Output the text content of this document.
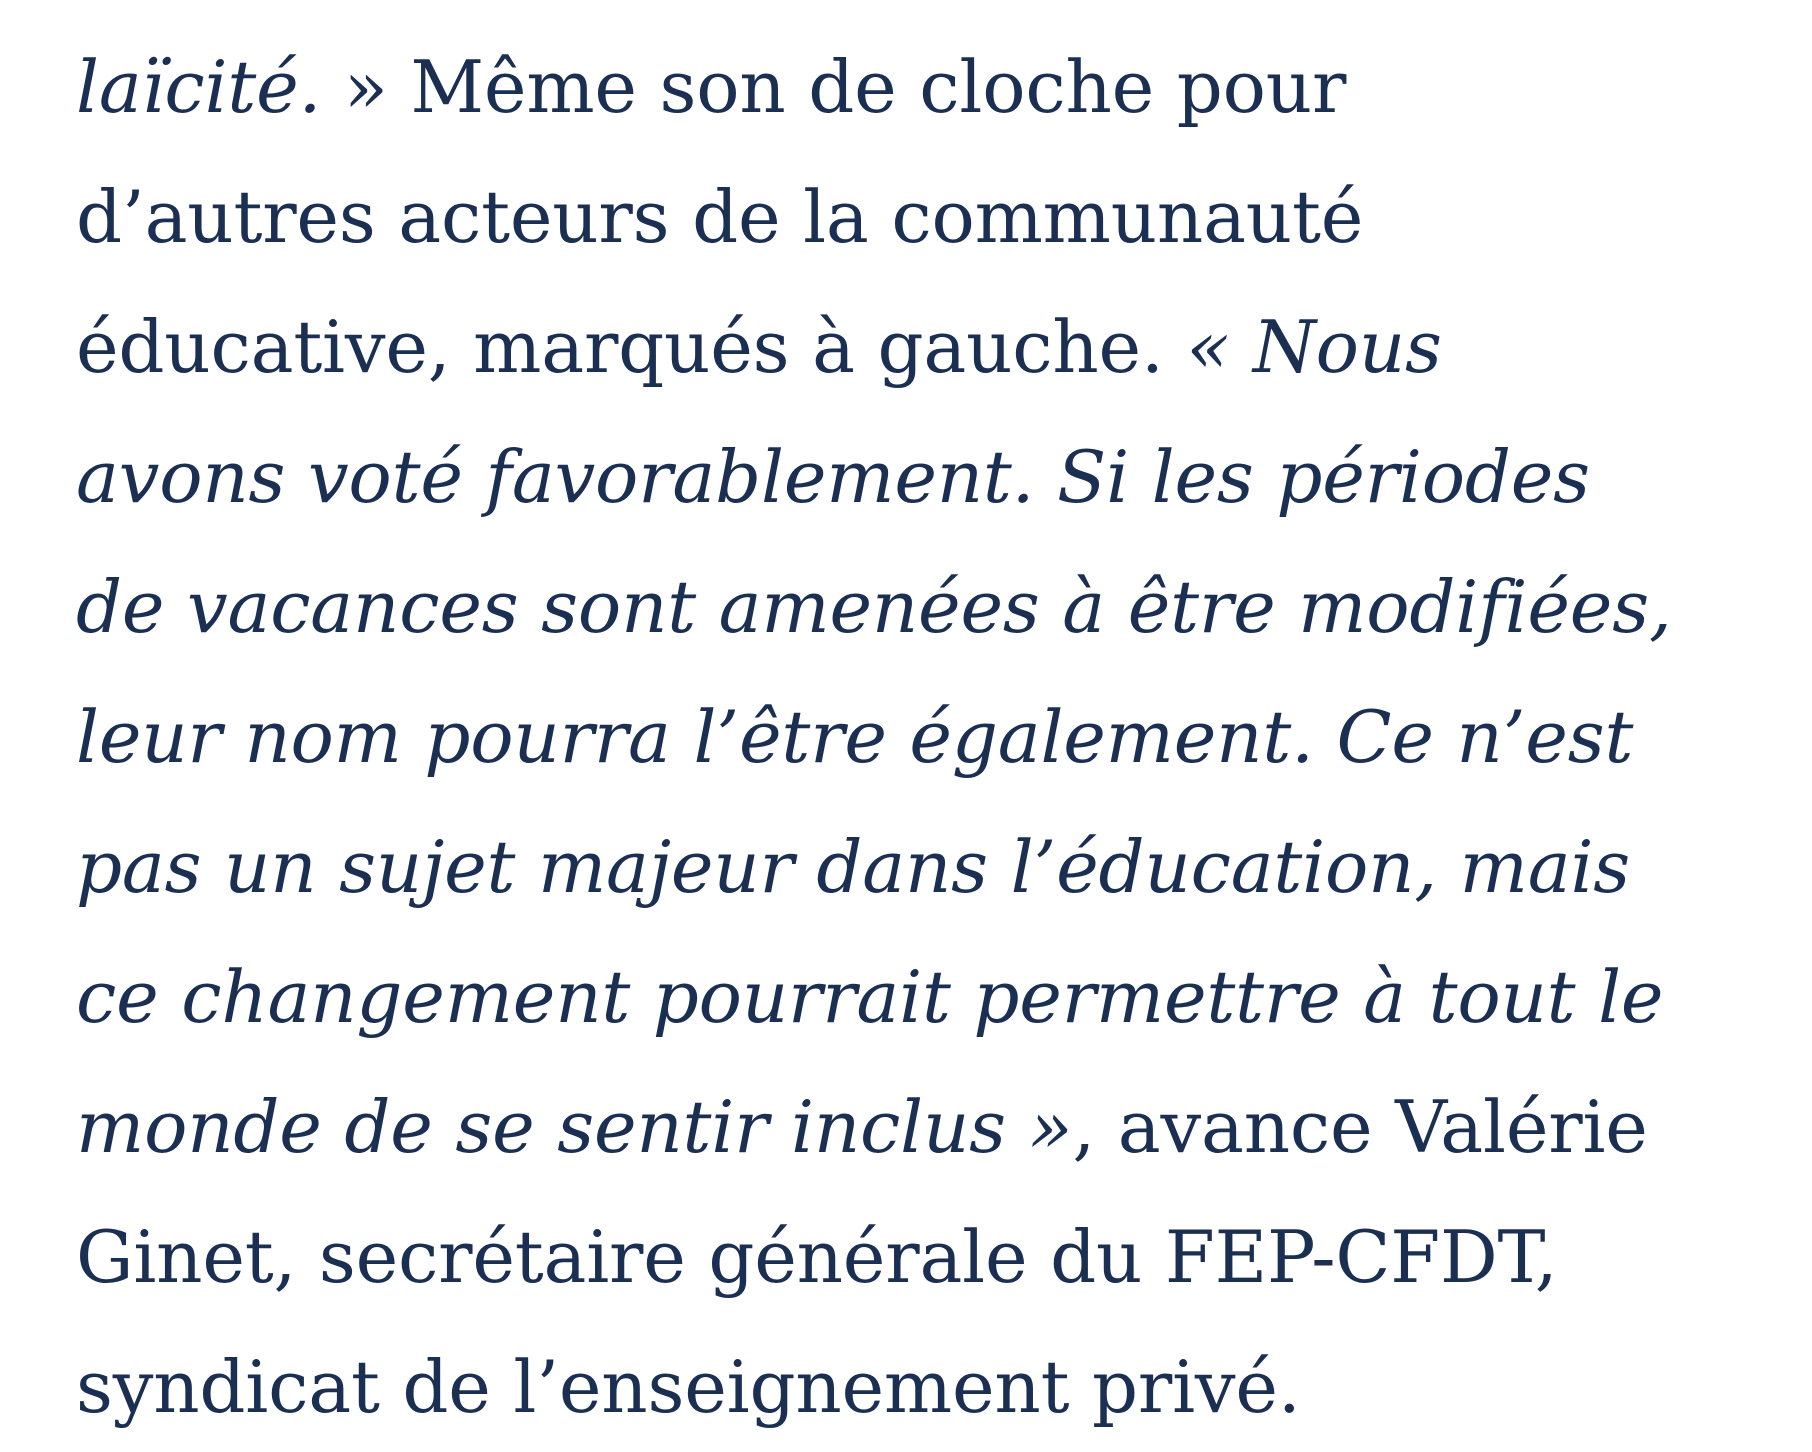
laïcité. » Même son de cloche pour
d’autres acteurs de la communauté
éducative, marqués à gauche. « Nous
avons voté favorablement. Si les périodes
de vacances sont amenées à être modifiées,
leur nom pourra l’être également. Ce n’est
pas un sujet majeur dans l’éducation, mais
ce changement pourrait permettre à tout le
monde de se sentir inclus », avance Valérie
Ginet, secrétaire générale du FEP-CFDT,
syndicat de l’enseignement privé.
